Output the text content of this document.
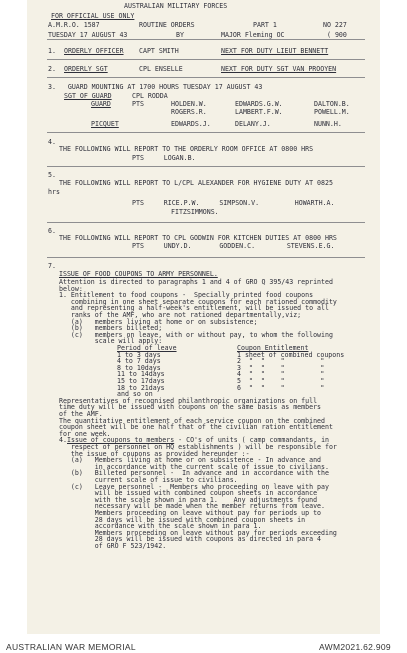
AUSTRALIAN MILITARY FORCES
FOR OFFICIAL USE ONLY
A.M.R.O. 1587	ROUTINE ORDERS	PART 1	NO 227
TUESDAY 17 AUGUST 43	BY	MAJOR Fleming OC	( 900
1. ORDERLY OFFICER CAPT SMITH	NEXT FOR DUTY LIEUT BENNETT
2. ORDERLY SGT	CPL ENSELLE	NEXT FOR DUTY SGT VAN PROOYEN
3.   GUARD MOUNTING AT 1700 HOURS TUESDAY 17 AUGUST 43
SGT OF GUARD	CPL RODDA
GUARD	PTS	HOLDEN.W.	EDWARDS.G.W.	DALTON.B.
ROGERS.R.	LAMBERT.F.W.	POWELL.M.
PICQUET	EDWARDS.J.	DELANY.J.	NUNN.H.
4.
THE FOLLOWING WILL REPORT TO THE ORDERLY ROOM OFFICE AT 0800 HRS
PTS     LOGAN.B.
5.
THE FOLLOWING WILL REPORT TO L/CPL ALEXANDER FOR HYGIENE DUTY AT 0825
hrs
PTS     RICE.P.W.     SIMPSON.V.         HOWARTH.A.
FITZSIMMONS.
6.
THE FOLLOWING WILL REPORT TO CPL GODWIN FOR KITCHEN DUTIES AT 0800 HRS
PTS     UNDY.D.       GODDEN.C.        STEVENS.E.G.
7.
ISSUE OF FOOD COUPONS TO ARMY PERSONNEL.
Attention is directed to paragraphs 1 and 4 of GRO Q 395/43 reprinted
below:
1. Entitlement to food coupons -  Specially printed food coupons
combining in one sheet separate coupons for each rationed commodity
and representing a half-week's entitlement, will be issued to all
ranks of the AMF, who are not rationed departmentally,viz;
(a)   members living at home or on subsistence;
(b)   members billeted;
(c)   members on leave, with or without pay, to whom the following
scale will apply:
Period of leave	Coupon Entitlement
1 to 3 days	1 sheet of combined coupons
4 to 7 days	2  "  "    "         "
8 to 10days	3  "  "    "         "
11 to 14days	4  "  "    "         "
15 to 17days	5  "  "    "         "
18 to 21days	6  "  "    "         "
and so on
Representatives of recognised philanthropic organizations on full
time duty will be issued with coupons on the same basis as members
of the AMF.
The quantitative entitlement of each service coupon on the combined
coupon sheet will be one half that of the civilian ration entitlement
for one week.
4. Issue of coupons to members - CO's of units ( camp commandants, in
respect of personnel on HQ establishments ) will be responsible for
the issue of coupons as provided hereunder :-
(a)   Members living at home or on subsistence - In advance and
in accordance with the current scale of issue to civilians.
(b)   Billeted personnel -  In advance and in accordance with the
current scale of issue to civilians.
(c)   Leave personnel -  Members who proceeding on leave with pay
will be issued with combined coupon sheets in accordance
with the scale shown in para 1.    Any adjustments found
necessary will be made when the member returns from leave.
Members proceeding on leave without pay for periods up to
28 days will be issued with combined coupon sheets in
accordance with the scale shown in para 1.
Members proceeding on leave without pay for periods exceeding
28 days will be issued with coupons as directed in para 4
of GRO F 523/1942.
AUSTRALIAN WAR MEMORIAL	AWM2021.62.909
